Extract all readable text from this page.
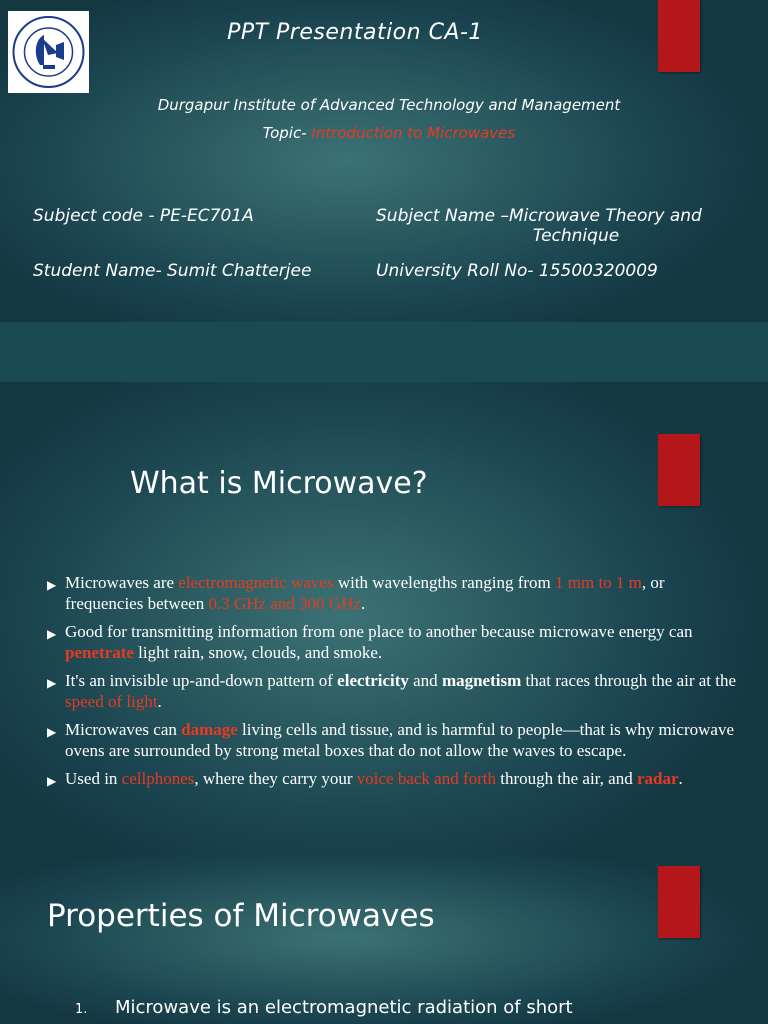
PPT Presentation CA-1
Durgapur Institute of Advanced Technology and Management
Topic- Introduction to Microwaves
Subject code - PE-EC701A	Subject Name –Microwave Theory and
Technique
Student Name- Sumit Chatterjee	University Roll No- 15500320009
What is Microwave?
▶ Microwaves are electromagnetic waves with wavelengths ranging from 1 mm to 1 m, or frequencies between 0.3 GHz and 300 GHz.
▶ Good for transmitting information from one place to another because microwave energy can penetrate light rain, snow, clouds, and smoke.
▶ It's an invisible up-and-down pattern of electricity and magnetism that races through the air at the speed of light.
▶ Microwaves can damage living cells and tissue, and is harmful to people—that is why microwave ovens are surrounded by strong metal boxes that do not allow the waves to escape.
▶ Used in cellphones, where they carry your voice back and forth through the air, and radar.
Properties of Microwaves
1. Microwave is an electromagnetic radiation of short
